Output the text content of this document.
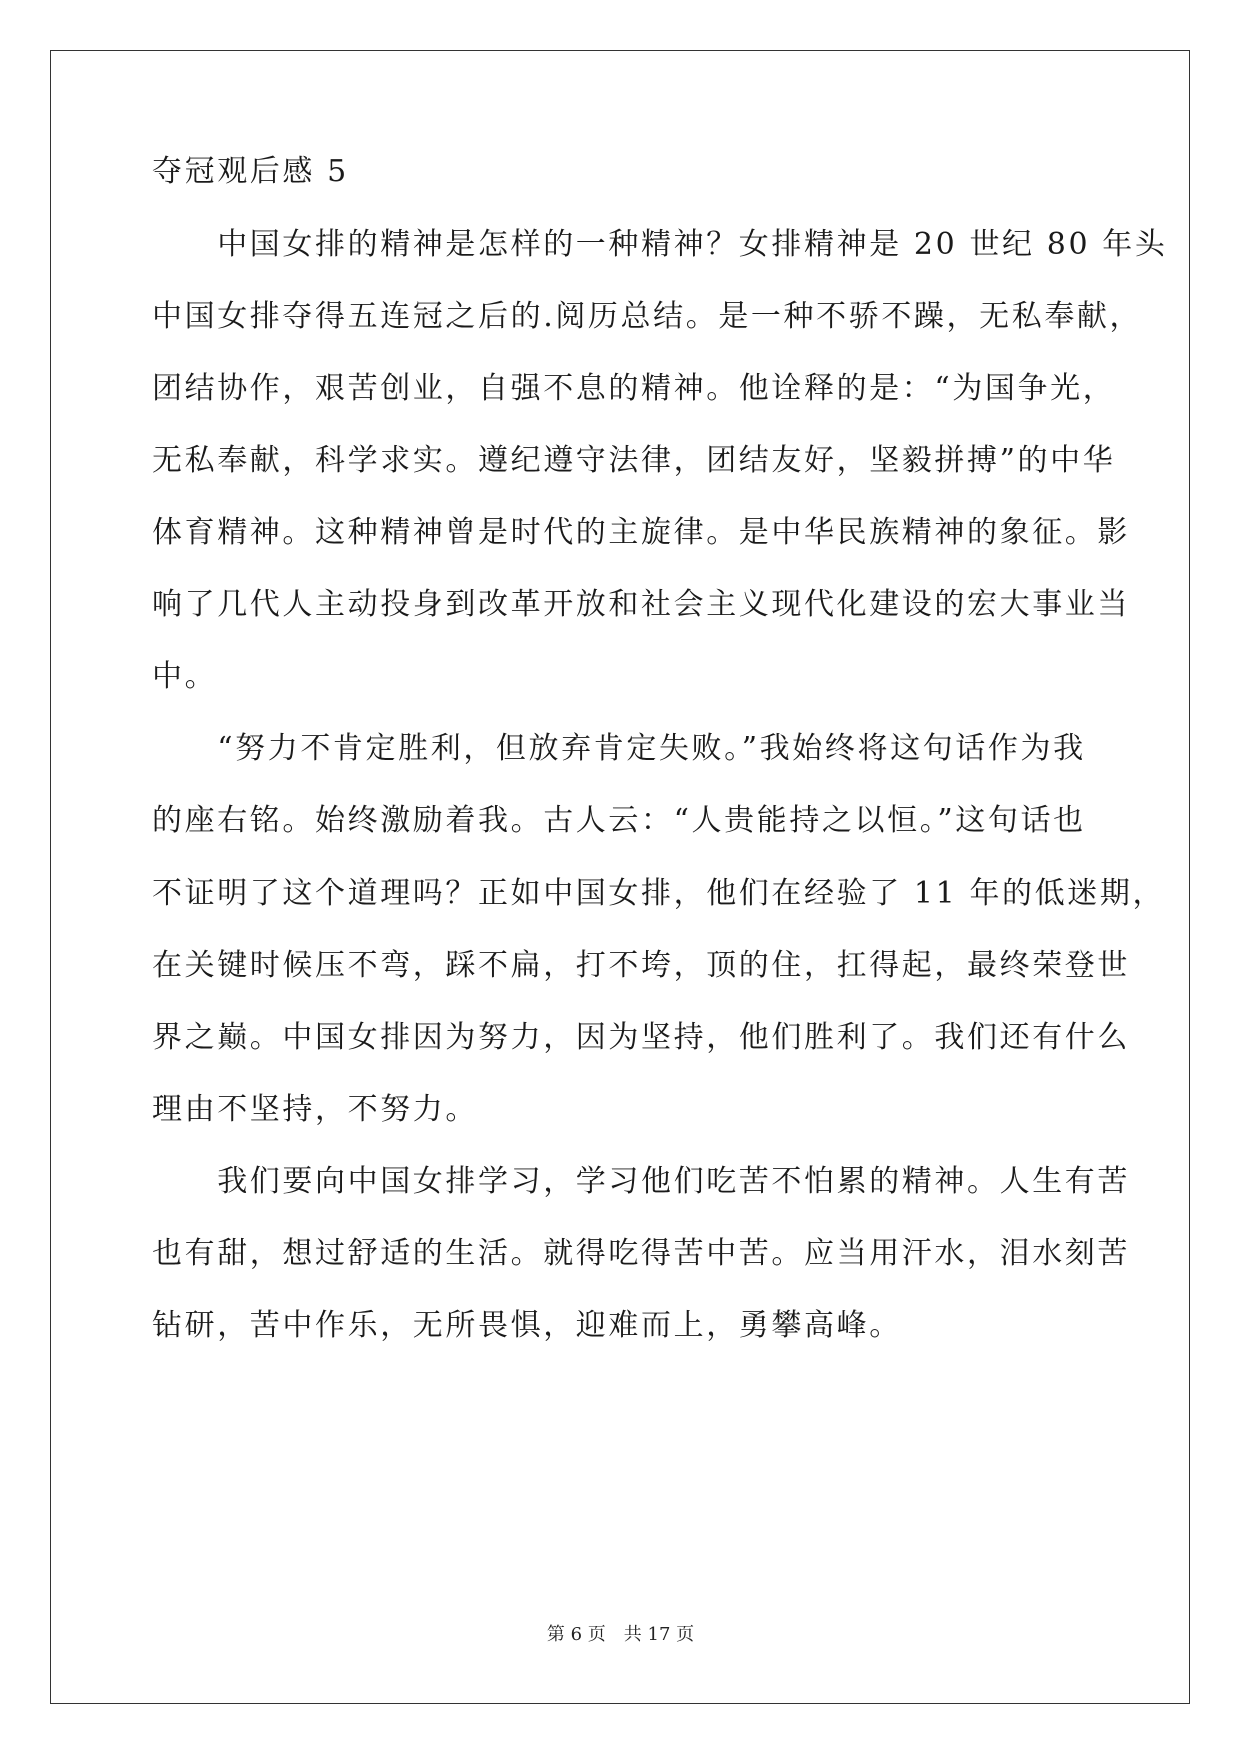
夺冠观后感 5

　　中国女排的精神是怎样的一种精神？女排精神是 20 世纪 80 年头

中国女排夺得五连冠之后的.阅历总结。是一种不骄不躁，无私奉献，

团结协作，艰苦创业，自强不息的精神。他诠释的是：“为国争光，

无私奉献，科学求实。遵纪遵守法律，团结友好，坚毅拼搏”的中华

体育精神。这种精神曾是时代的主旋律。是中华民族精神的象征。影

响了几代人主动投身到改革开放和社会主义现代化建设的宏大事业当

中。

　　“努力不肯定胜利，但放弃肯定失败。”我始终将这句话作为我

的座右铭。始终激励着我。古人云：“人贵能持之以恒。”这句话也

不证明了这个道理吗？正如中国女排，他们在经验了 11 年的低迷期，

在关键时候压不弯，踩不扁，打不垮，顶的住，扛得起，最终荣登世

界之巅。中国女排因为努力，因为坚持，他们胜利了。我们还有什么

理由不坚持，不努力。

　　我们要向中国女排学习，学习他们吃苦不怕累的精神。人生有苦

也有甜，想过舒适的生活。就得吃得苦中苦。应当用汗水，泪水刻苦

钻研，苦中作乐，无所畏惧，迎难而上，勇攀高峰。

第 6 页　共 17 页
